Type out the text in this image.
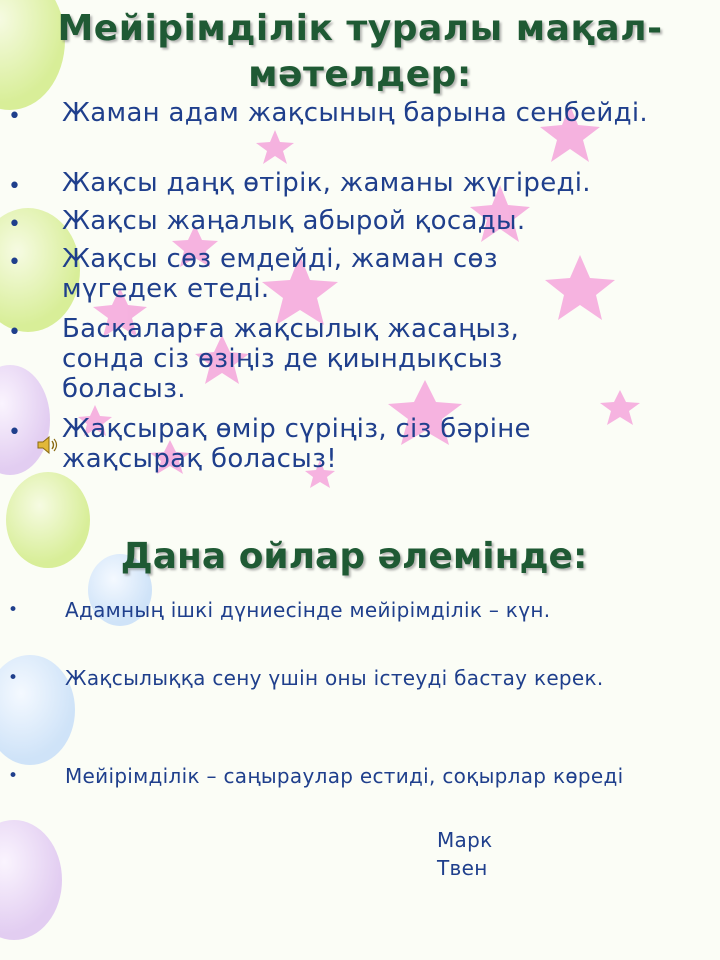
Мейірімділік туралы мақал-мәтелдер:
• Жаман адам жақсының барына сенбейді.

• Жақсы даңқ өтірік, жаманы жүгіреді.

• Жақсы жаңалық абырой қосады.

• Жақсы сөз емдейді, жаман сөз мүгедек етеді.

• Басқаларға жақсылық жасаңыз, сонда сіз өзіңіз де қиындықсыз боласыз.

• Жақсырақ өмір сүріңіз, сіз бәріне жақсырақ боласыз!

Дана ойлар әлемінде:
• Адамның ішкі дүниесінде мейірімділік – күн.

•	Жақсылыққа сену үшін оны істеуді бастау керек.

•	Мейірімділік – саңыраулар естиді, соқырлар көреді

Марк Твен
